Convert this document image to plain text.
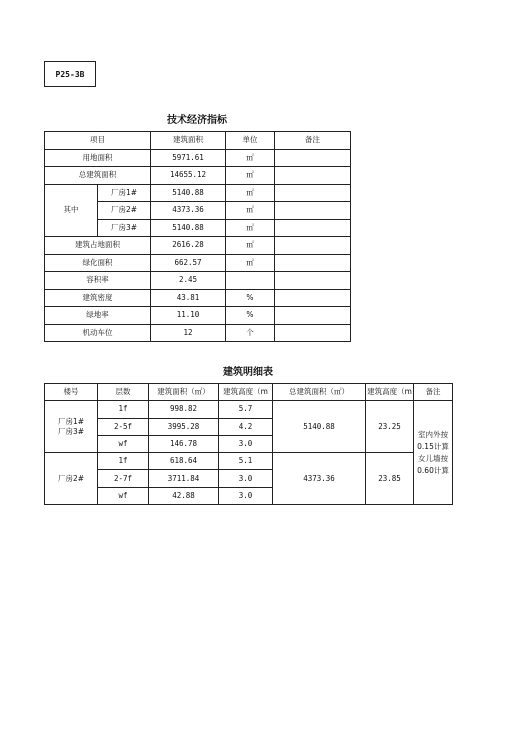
P25-3B
技术经济指标
项目		建筑面积	单位	备注
用地面积		5971.61	㎡	
总建筑面积		14655.12	㎡	
其中	厂房1#	5140.88	㎡	
	厂房2#	4373.36	㎡	
	厂房3#	5140.88	㎡	
建筑占地面积		2616.28	㎡	
绿化面积		662.57	㎡	
容积率		2.45		
建筑密度		43.81	%	
绿地率		11.10	%	
机动车位		12	个	
建筑明细表
楼号	层数	建筑面积（㎡）	建筑高度（m	总建筑面积（㎡）	建筑高度（m	备注
厂房1#
厂房3#	1f	998.82	5.7	5140.88	23.25	室内外按0.15计算
女儿墙按0.60计算
	2-5f	3995.28	4.2			
	wf	146.78	3.0			
厂房2#	1f	618.64	5.1	4373.36	23.85	
	2-7f	3711.84	3.0			
	wf	42.88	3.0			
